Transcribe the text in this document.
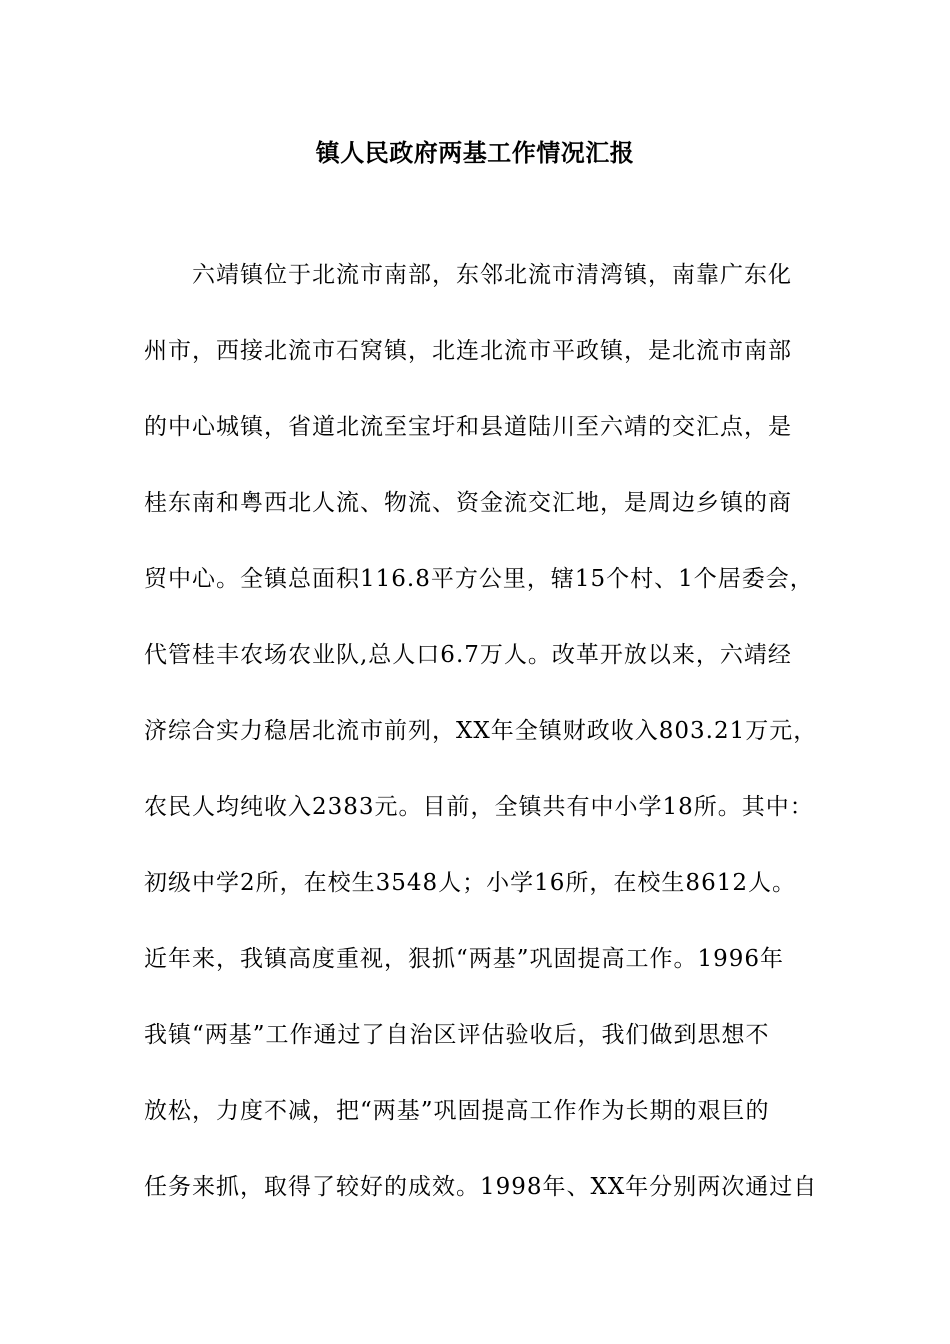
镇人民政府两基工作情况汇报
六靖镇位于北流市南部，东邻北流市清湾镇，南靠广东化
州市，西接北流市石窝镇，北连北流市平政镇，是北流市南部
的中心城镇，省道北流至宝圩和县道陆川至六靖的交汇点，是
桂东南和粤西北人流、物流、资金流交汇地，是周边乡镇的商
贸中心。全镇总面积116.8平方公里，辖15个村、1个居委会，
代管桂丰农场农业队,总人口6.7万人。改革开放以来，六靖经
济综合实力稳居北流市前列，XX年全镇财政收入803.21万元，
农民人均纯收入2383元。目前，全镇共有中小学18所。其中：
初级中学2所，在校生3548人；小学16所，在校生8612人。
近年来，我镇高度重视，狠抓“两基”巩固提高工作。1996年
我镇“两基”工作通过了自治区评估验收后，我们做到思想不
放松，力度不减，把“两基”巩固提高工作作为长期的艰巨的
任务来抓，取得了较好的成效。1998年、XX年分别两次通过自
